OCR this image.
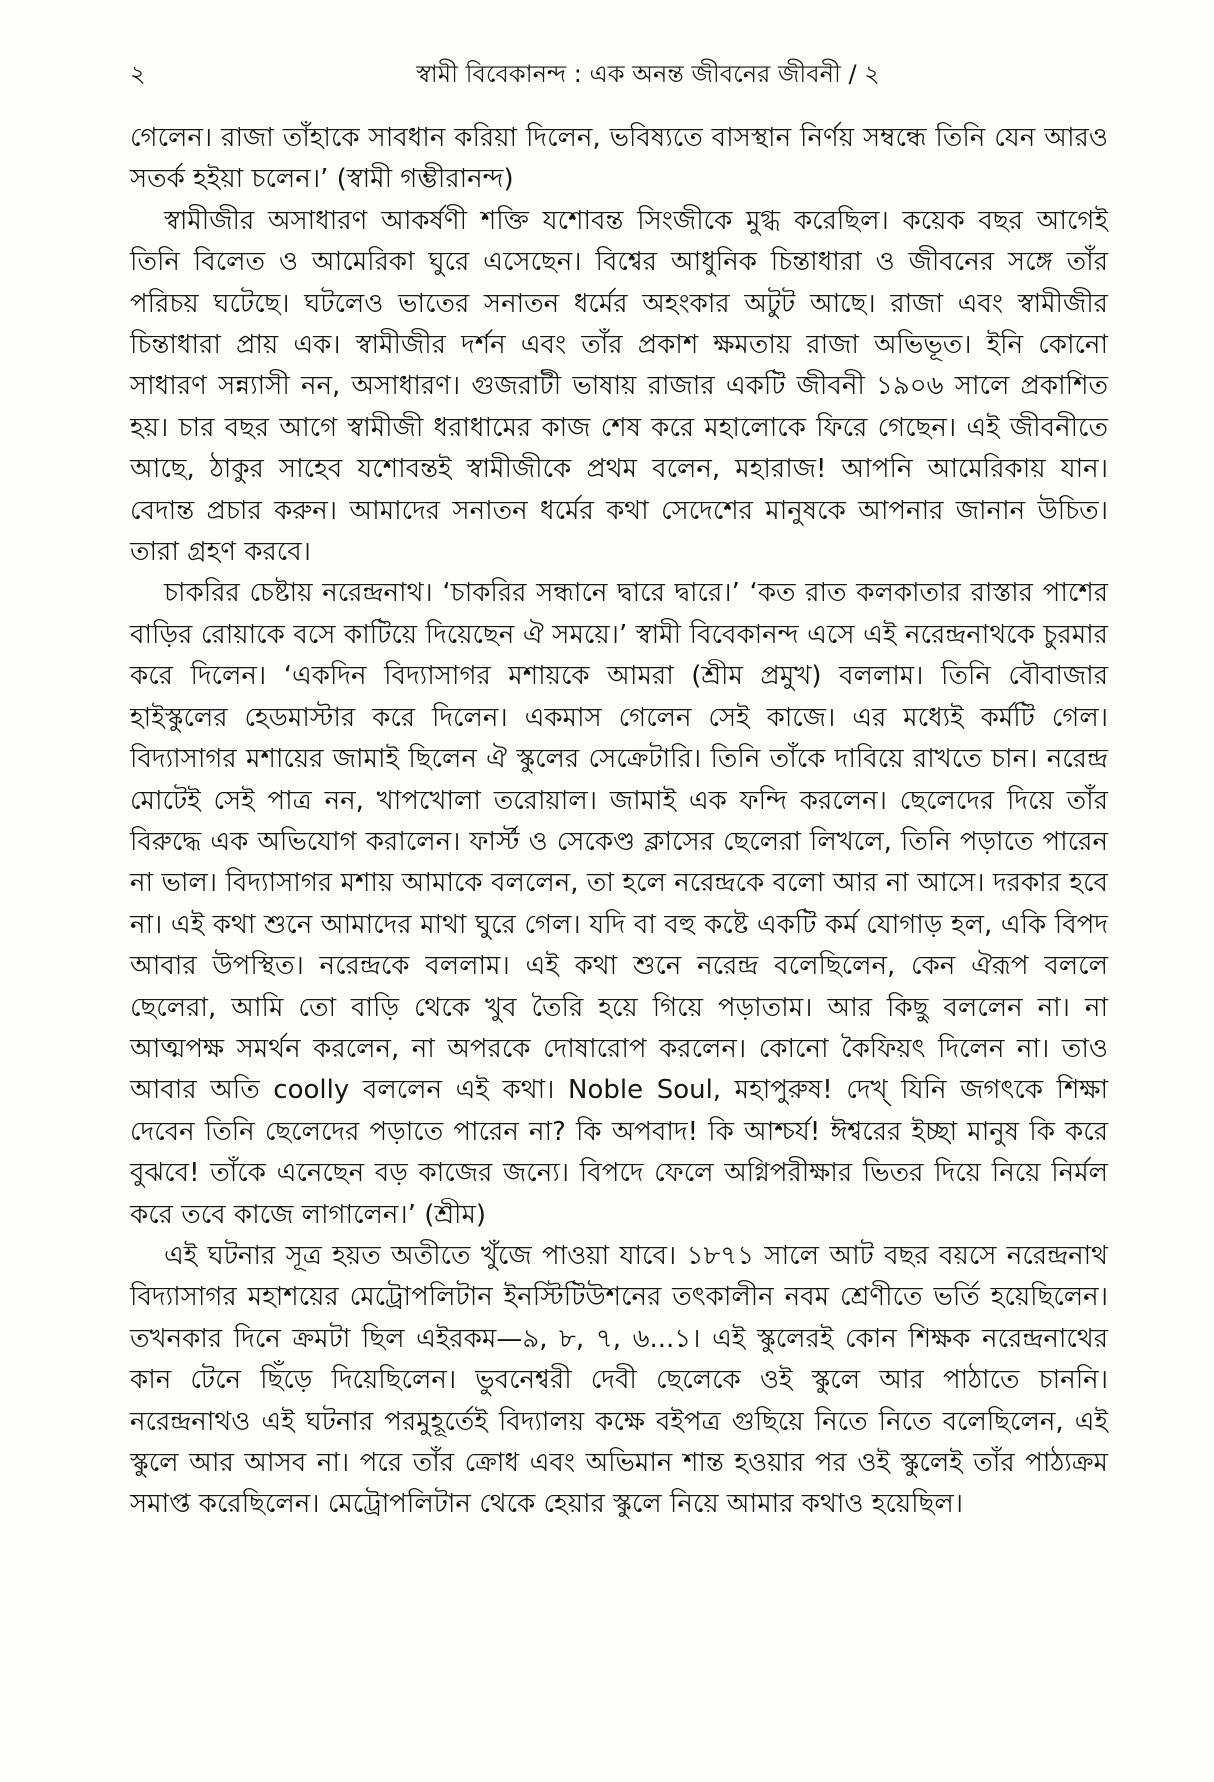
২	স্বামী বিবেকানন্দ : এক অনন্ত জীবনের জীবনী / ২

গেলেন। রাজা তাঁহাকে সাবধান করিয়া দিলেন, ভবিষ্যতে বাসস্থান নির্ণয় সম্বন্ধে তিনি যেন আরও সতর্ক হইয়া চলেন।’ (স্বামী গম্ভীরানন্দ)

স্বামীজীর অসাধারণ আকর্ষণী শক্তি যশোবন্ত সিংজীকে মুগ্ধ করেছিল। কয়েক বছর আগেই তিনি বিলেত ও আমেরিকা ঘুরে এসেছেন। বিশ্বের আধুনিক চিন্তাধারা ও জীবনের সঙ্গে তাঁর পরিচয় ঘটেছে। ঘটলেও ভাতের সনাতন ধর্মের অহংকার অটুট আছে। রাজা এবং স্বামীজীর চিন্তাধারা প্রায় এক। স্বামীজীর দর্শন এবং তাঁর প্রকাশ ক্ষমতায় রাজা অভিভূত। ইনি কোনো সাধারণ সন্ন্যাসী নন, অসাধারণ। গুজরাটী ভাষায় রাজার একটি জীবনী ১৯০৬ সালে প্রকাশিত হয়। চার বছর আগে স্বামীজী ধরাধামের কাজ শেষ করে মহালোকে ফিরে গেছেন। এই জীবনীতে আছে, ঠাকুর সাহেব যশোবন্তই স্বামীজীকে প্রথম বলেন, মহারাজ! আপনি আমেরিকায় যান। বেদান্ত প্রচার করুন। আমাদের সনাতন ধর্মের কথা সেদেশের মানুষকে আপনার জানান উচিত। তারা গ্রহণ করবে।

চাকরির চেষ্টায় নরেন্দ্রনাথ। ‘চাকরির সন্ধানে দ্বারে দ্বারে।’ ‘কত রাত কলকাতার রাস্তার পাশের বাড়ির রোয়াকে বসে কাটিয়ে দিয়েছেন ঐ সময়ে।’ স্বামী বিবেকানন্দ এসে এই নরেন্দ্রনাথকে চুরমার করে দিলেন। ‘একদিন বিদ্যাসাগর মশায়কে আমরা (শ্রীম প্রমুখ) বললাম। তিনি বৌবাজার হাইস্কুলের হেডমাস্টার করে দিলেন। একমাস গেলেন সেই কাজে। এর মধ্যেই কর্মটি গেল। বিদ্যাসাগর মশায়ের জামাই ছিলেন ঐ স্কুলের সেক্রেটারি। তিনি তাঁকে দাবিয়ে রাখতে চান। নরেন্দ্র মোটেই সেই পাত্র নন, খাপখোলা তরোয়াল। জামাই এক ফন্দি করলেন। ছেলেদের দিয়ে তাঁর বিরুদ্ধে এক অভিযোগ করালেন। ফার্স্ট ও সেকেণ্ড ক্লাসের ছেলেরা লিখলে, তিনি পড়াতে পারেন না ভাল। বিদ্যাসাগর মশায় আমাকে বললেন, তা হলে নরেন্দ্রকে বলো আর না আসে। দরকার হবে না। এই কথা শুনে আমাদের মাথা ঘুরে গেল। যদি বা বহু কষ্টে একটি কর্ম যোগাড় হল, একি বিপদ আবার উপস্থিত। নরেন্দ্রকে বললাম। এই কথা শুনে নরেন্দ্র বলেছিলেন, কেন ঐরূপ বললে ছেলেরা, আমি তো বাড়ি থেকে খুব তৈরি হয়ে গিয়ে পড়াতাম। আর কিছু বললেন না। না আত্মপক্ষ সমর্থন করলেন, না অপরকে দোষারোপ করলেন। কোনো কৈফিয়ৎ দিলেন না। তাও আবার অতি coolly বললেন এই কথা। Noble Soul, মহাপুরুষ! দেখ্ যিনি জগৎকে শিক্ষা দেবেন তিনি ছেলেদের পড়াতে পারেন না? কি অপবাদ! কি আশ্চর্য! ঈশ্বরের ইচ্ছা মানুষ কি করে বুঝবে! তাঁকে এনেছেন বড় কাজের জন্যে। বিপদে ফেলে অগ্নিপরীক্ষার ভিতর দিয়ে নিয়ে নির্মল করে তবে কাজে লাগালেন।’ (শ্রীম)

এই ঘটনার সূত্র হয়ত অতীতে খুঁজে পাওয়া যাবে। ১৮৭১ সালে আট বছর বয়সে নরেন্দ্রনাথ বিদ্যাসাগর মহাশয়ের মেট্রোপলিটান ইনস্টিটিউশনের তৎকালীন নবম শ্রেণীতে ভর্তি হয়েছিলেন। তখনকার দিনে ক্রমটা ছিল এইরকম—৯, ৮, ৭, ৬...১। এই স্কুলেরই কোন শিক্ষক নরেন্দ্রনাথের কান টেনে ছিঁড়ে দিয়েছিলেন। ভুবনেশ্বরী দেবী ছেলেকে ওই স্কুলে আর পাঠাতে চাননি। নরেন্দ্রনাথও এই ঘটনার পরমুহূর্তেই বিদ্যালয় কক্ষে বইপত্র গুছিয়ে নিতে নিতে বলেছিলেন, এই স্কুলে আর আসব না। পরে তাঁর ক্রোধ এবং অভিমান শান্ত হওয়ার পর ওই স্কুলেই তাঁর পাঠ্যক্রম সমাপ্ত করেছিলেন। মেট্রোপলিটান থেকে হেয়ার স্কুলে নিয়ে আমার কথাও হয়েছিল।
